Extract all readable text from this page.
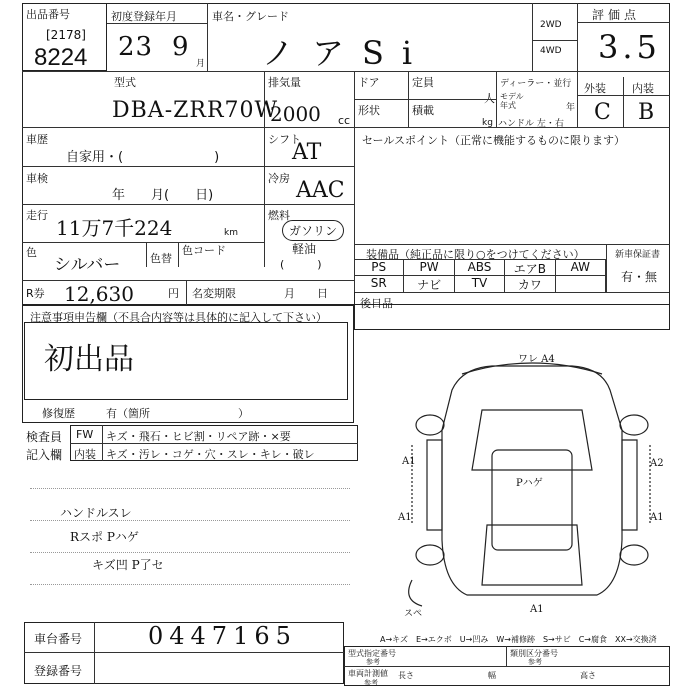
出品番号
[2178]
8224
初度登録年月
23 9
月
車名・グレード
ノアSi
2WD
4WD
評価点
3.5
型式
DBA-ZRR70W
排気量
2000 cc
ドア	定員
人
ディーラー・並行
モデル年式	年
形状	積載
kg ハンドル 左・右
外装 内装
C B
車歴
自家用・(　　　　　　　)
シフト
AT
車検
年　　月(　　日)
冷房 AAC
走行
11万7千224	km
燃料
ガソリン
軽油
(　　　)
色
シルバー	色替
色コード
R券 12,630	円 名変期限	月　　日
セールスポイント（正常に機能するものに限ります）
装備品（純正品に限り○をつけてください）	新車保証書
有・無
PS	PW	ABS	エアB	AW
SR	ナビ	TV	カワ
後日品
注意事項申告欄（不具合内容等は具体的に記入して下さい）
初出品
修復歴	有（箇所　　　　　　　　）
検査員
記入欄
FW キズ・飛石・ヒビ割・リペア跡・×要
内装 キズ・汚レ・コゲ・穴・スレ・キレ・破レ
ハンドルスレ
Rスポ Pハゲ
キズ凹 P了セ
ワレ A4
Pハゲ
A1
A1
A2
A1
A1
スペ
A→キズ　E→エクボ　U→凹み　W→補修跡　S→サビ　C→腐食　XX→交換済
車台番号	0447165
登録番号
型式指定番号
参考
類別区分番号
参考
車両計測値
参考
長さ	幅	高さ
